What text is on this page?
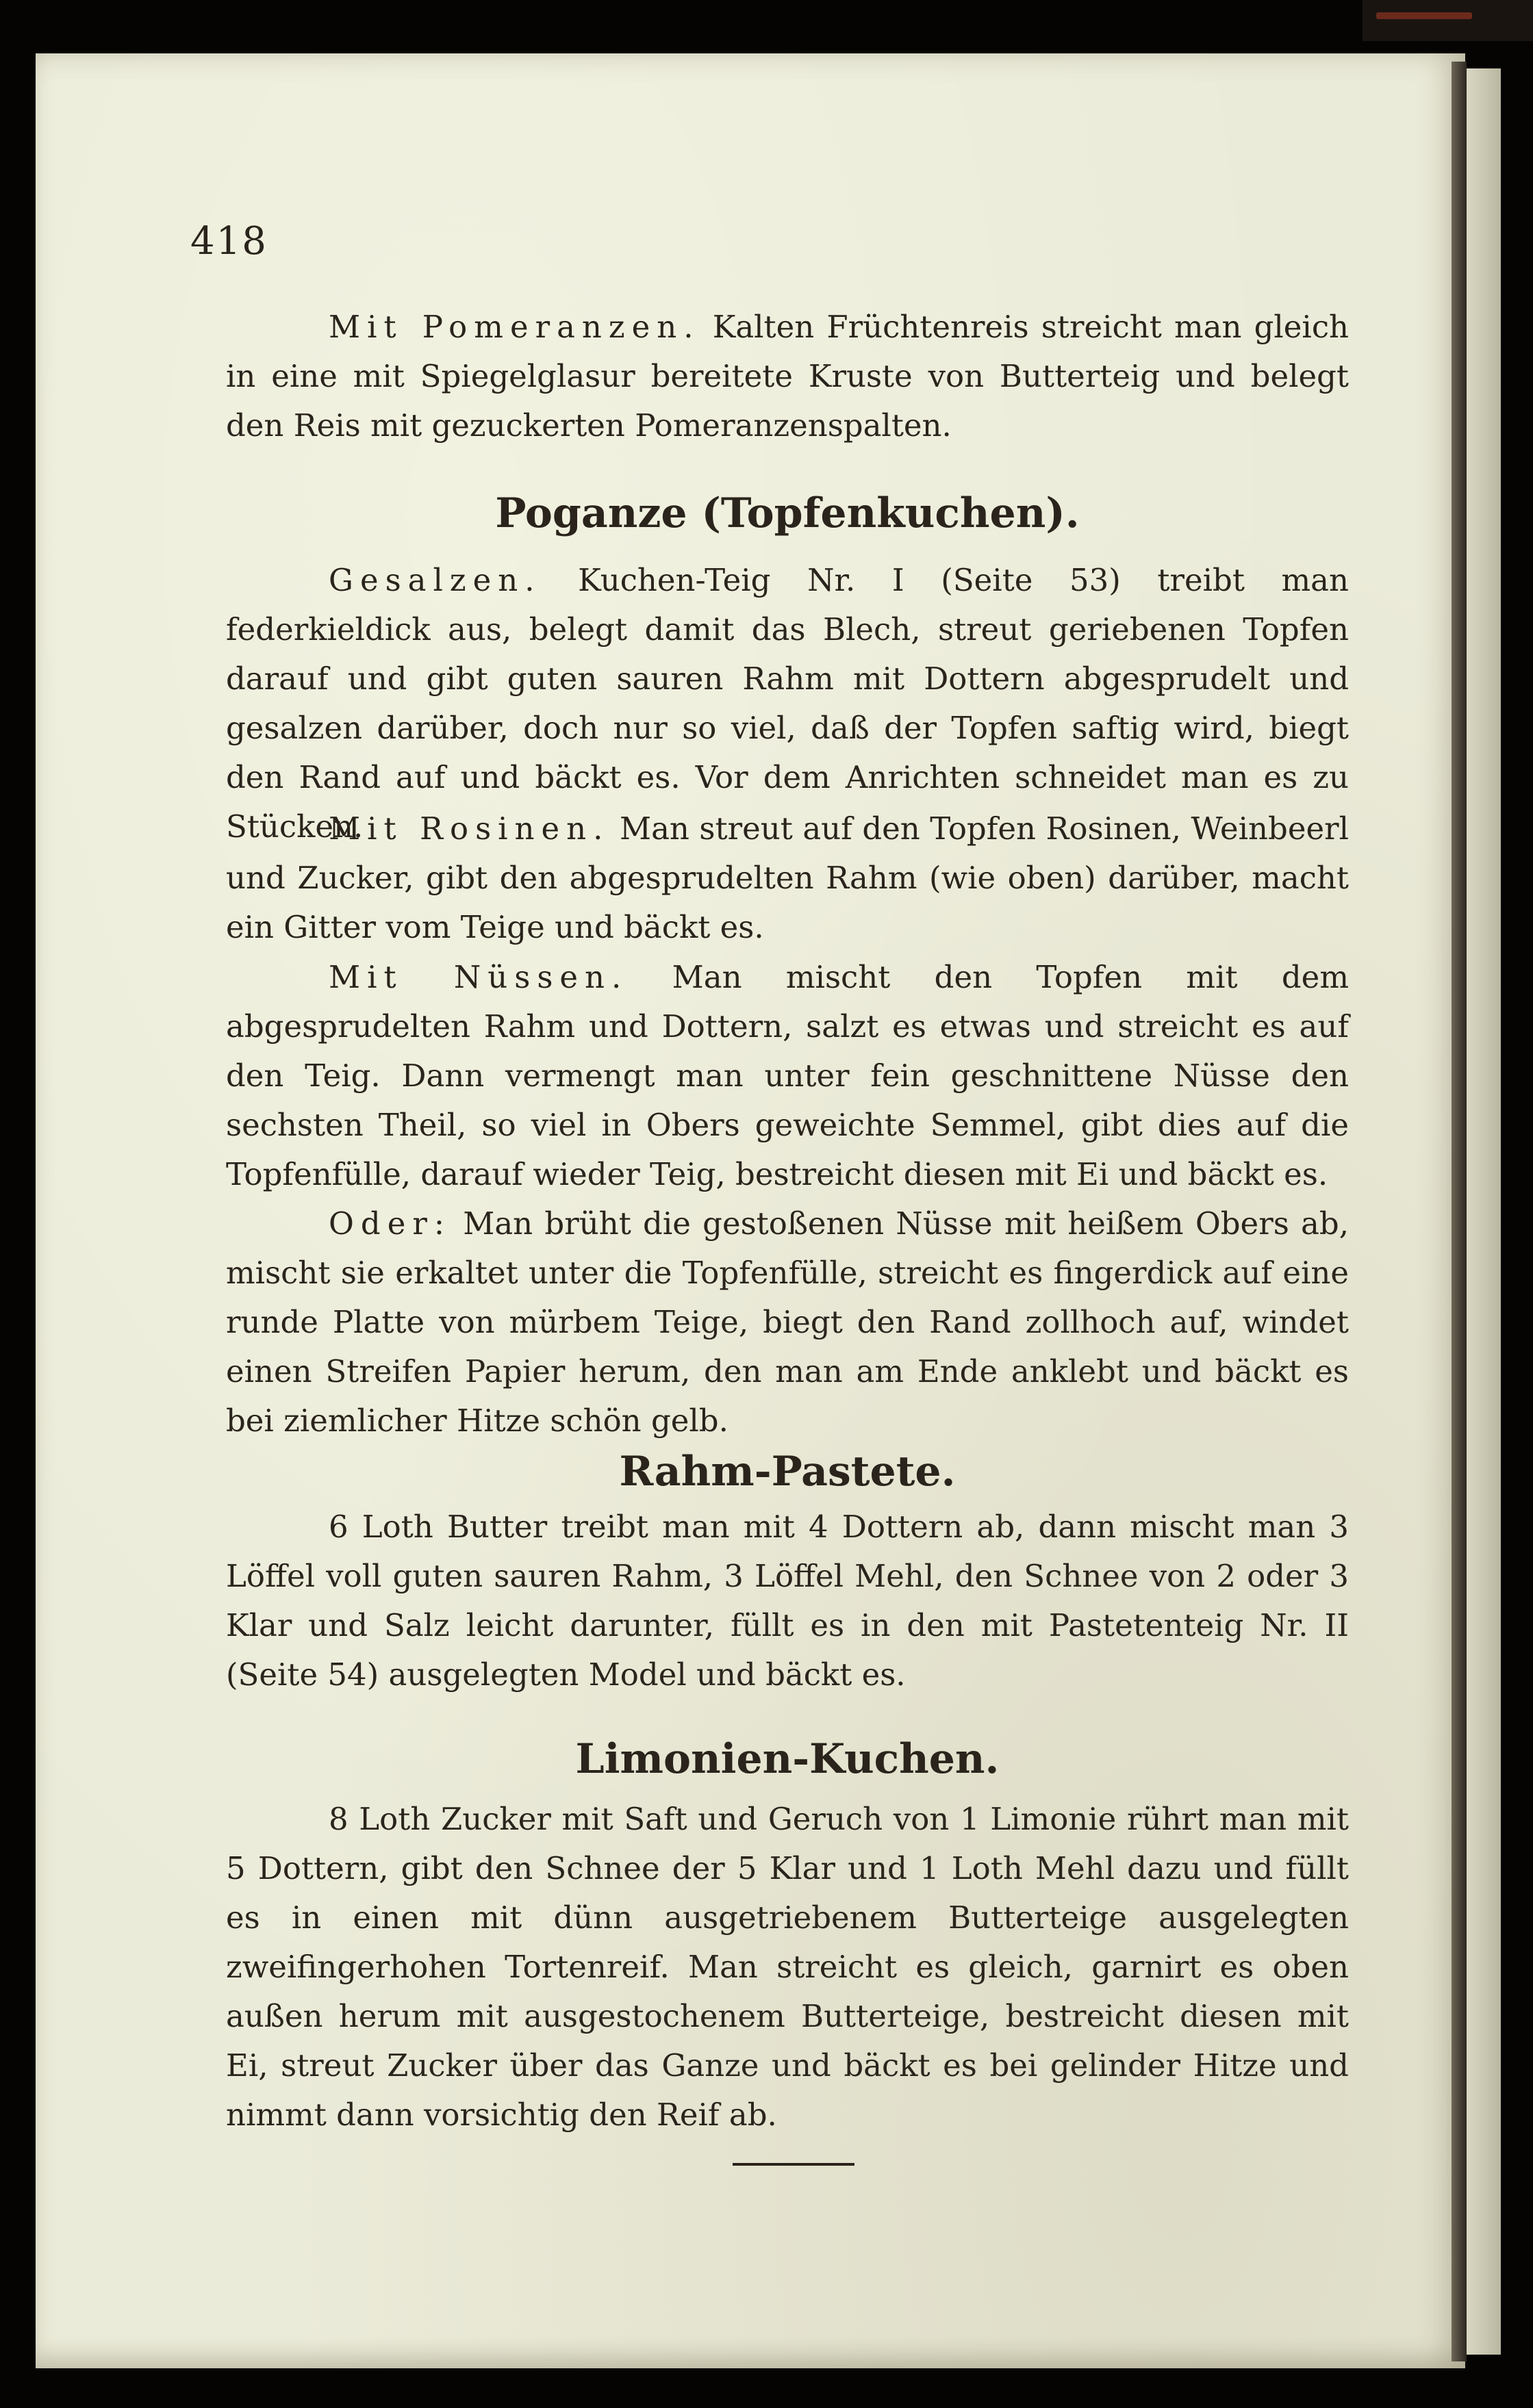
418
Mit Pomeranzen. Kalten Früchtenreis streicht man gleich in eine mit Spiegelglasur bereitete Kruste von Butterteig und belegt den Reis mit gezuckerten Pomeranzenspalten.
Poganze (Topfenkuchen).
Gesalzen. Kuchen-Teig Nr. I (Seite 53) treibt man federkieldick aus, belegt damit das Blech, streut geriebenen Topfen darauf und gibt guten sauren Rahm mit Dottern abgesprudelt und gesalzen darüber, doch nur so viel, daß der Topfen saftig wird, biegt den Rand auf und bäckt es. Vor dem Anrichten schneidet man es zu Stücken.
Mit Rosinen. Man streut auf den Topfen Rosinen, Weinbeerl und Zucker, gibt den abgesprudelten Rahm (wie oben) darüber, macht ein Gitter vom Teige und bäckt es.
Mit Nüssen. Man mischt den Topfen mit dem abgesprudelten Rahm und Dottern, salzt es etwas und streicht es auf den Teig. Dann vermengt man unter fein geschnittene Nüsse den sechsten Theil, so viel in Obers geweichte Semmel, gibt dies auf die Topfenfülle, darauf wieder Teig, bestreicht diesen mit Ei und bäckt es.
Oder: Man brüht die gestoßenen Nüsse mit heißem Obers ab, mischt sie erkaltet unter die Topfenfülle, streicht es fingerdick auf eine runde Platte von mürbem Teige, biegt den Rand zollhoch auf, windet einen Streifen Papier herum, den man am Ende anklebt und bäckt es bei ziemlicher Hitze schön gelb.
Rahm-Pastete.
6 Loth Butter treibt man mit 4 Dottern ab, dann mischt man 3 Löffel voll guten sauren Rahm, 3 Löffel Mehl, den Schnee von 2 oder 3 Klar und Salz leicht darunter, füllt es in den mit Pastetenteig Nr. II (Seite 54) ausgelegten Model und bäckt es.
Limonien-Kuchen.
8 Loth Zucker mit Saft und Geruch von 1 Limonie rührt man mit 5 Dottern, gibt den Schnee der 5 Klar und 1 Loth Mehl dazu und füllt es in einen mit dünn ausgetriebenem Butterteige ausgelegten zweifingerhohen Tortenreif. Man streicht es gleich, garnirt es oben außen herum mit ausgestochenem Butterteige, bestreicht diesen mit Ei, streut Zucker über das Ganze und bäckt es bei gelinder Hitze und nimmt dann vorsichtig den Reif ab.
